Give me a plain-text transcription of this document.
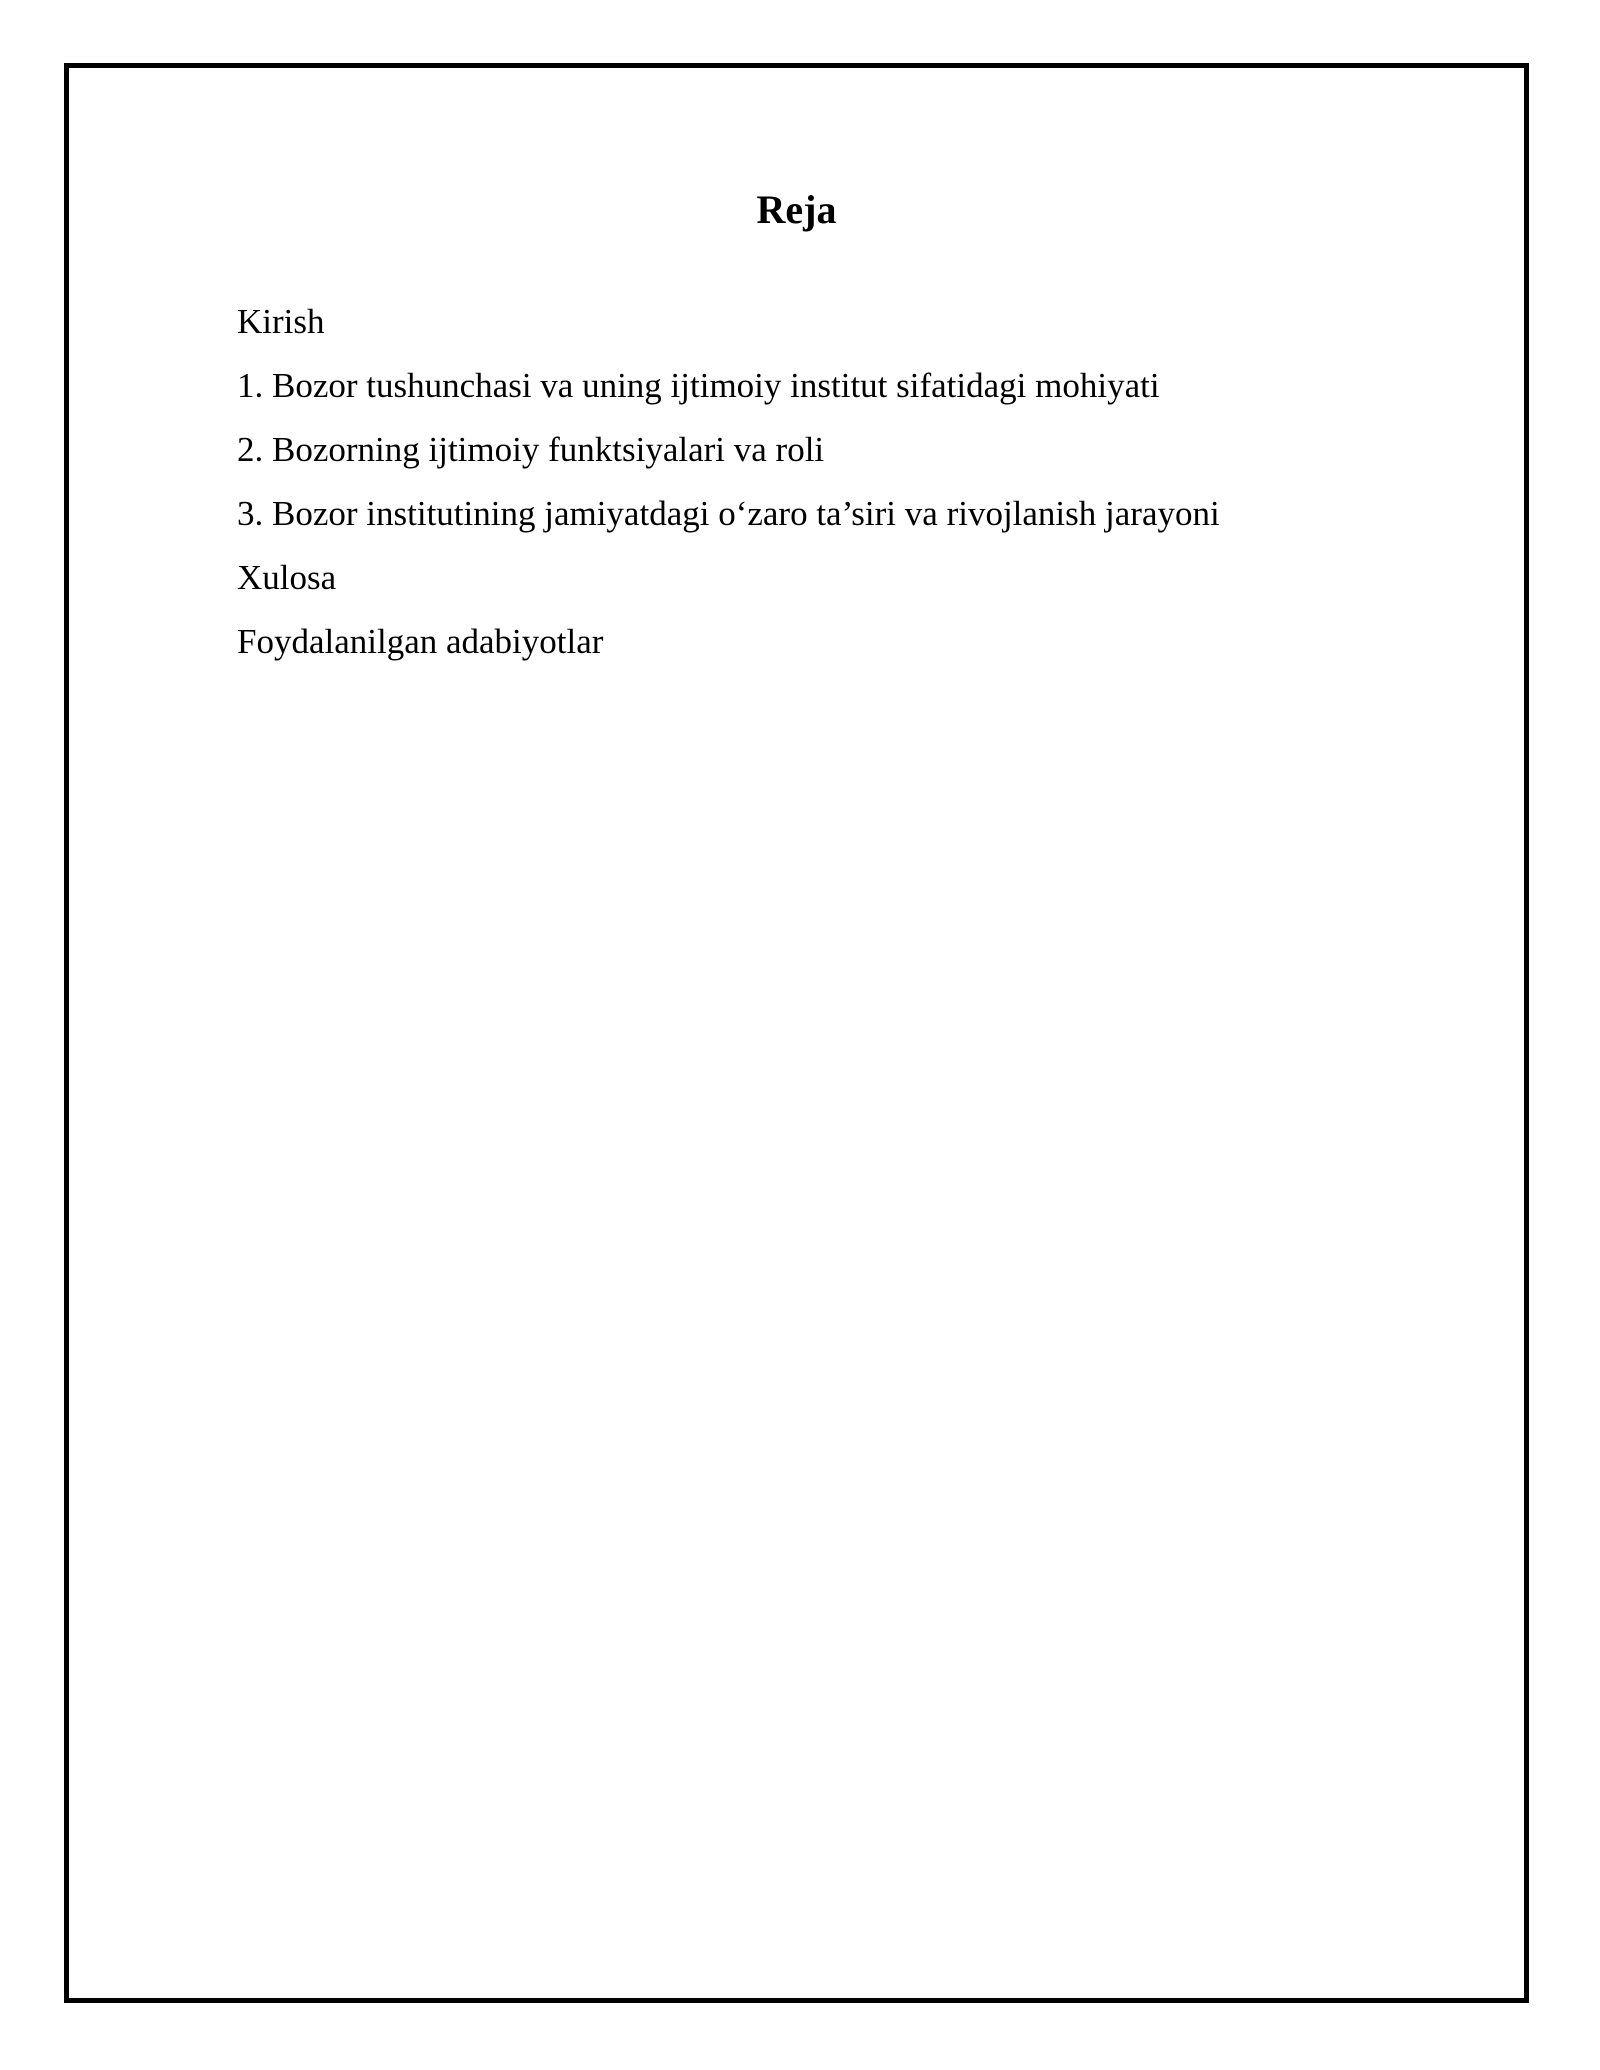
Reja
Kirish
1. Bozor tushunchasi va uning ijtimoiy institut sifatidagi mohiyati
2. Bozorning ijtimoiy funktsiyalari va roli
3. Bozor institutining jamiyatdagi o‘zaro ta’siri va rivojlanish jarayoni
Xulosa
Foydalanilgan adabiyotlar
